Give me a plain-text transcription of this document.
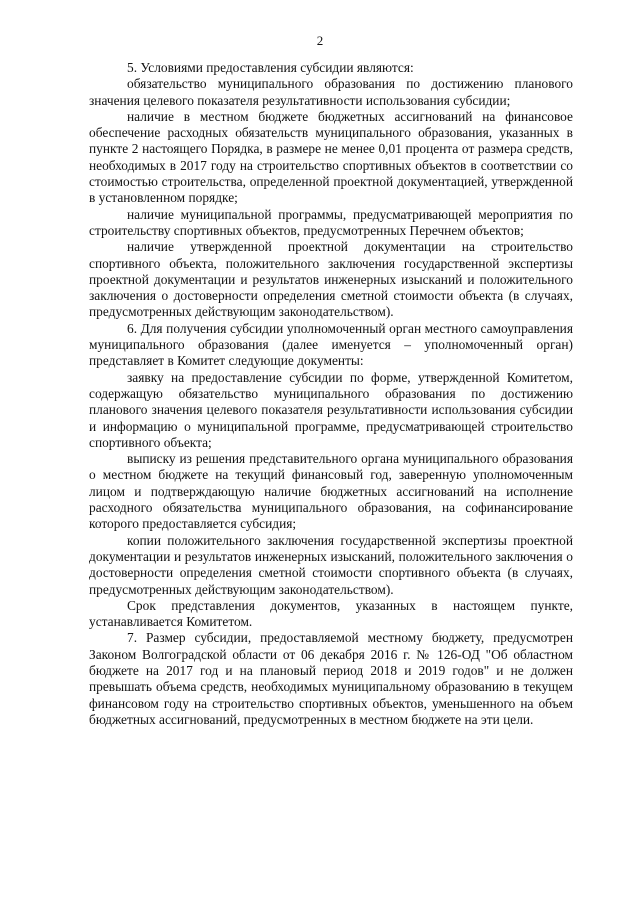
2

5. Условиями предоставления субсидии являются:

обязательство муниципального образования по достижению планового значения целевого показателя результативности использования субсидии;

наличие в местном бюджете бюджетных ассигнований на финансовое обеспечение расходных обязательств муниципального образования, указанных в пункте 2 настоящего Порядка, в размере не менее 0,01 процента от размера средств, необходимых в 2017 году на строительство спортивных объектов в соответствии со стоимостью строительства, определенной проектной документацией, утвержденной в установленном порядке;

наличие муниципальной программы, предусматривающей мероприятия по строительству спортивных объектов, предусмотренных Перечнем объектов;

наличие утвержденной проектной документации на строительство спортивного объекта, положительного заключения государственной экспертизы проектной документации и результатов инженерных изысканий и положительного заключения о достоверности определения сметной стоимости объекта (в случаях, предусмотренных действующим законодательством).

6. Для получения субсидии уполномоченный орган местного самоуправления муниципального образования (далее именуется – уполномоченный орган) представляет в Комитет следующие документы:

заявку на предоставление субсидии по форме, утвержденной Комитетом, содержащую обязательство муниципального образования по достижению планового значения целевого показателя результативности использования субсидии и информацию о муниципальной программе, предусматривающей строительство спортивного объекта;

выписку из решения представительного органа муниципального образования о местном бюджете на текущий финансовый год, заверенную уполномоченным лицом и подтверждающую наличие бюджетных ассигнований на исполнение расходного обязательства муниципального образования, на софинансирование которого предоставляется субсидия;

копии положительного заключения государственной экспертизы проектной документации и результатов инженерных изысканий, положительного заключения о достоверности определения сметной стоимости спортивного объекта (в случаях, предусмотренных действующим законодательством).

Срок представления документов, указанных в настоящем пункте, устанавливается Комитетом.

7. Размер субсидии, предоставляемой местному бюджету, предусмотрен Законом Волгоградской области от 06 декабря 2016 г. № 126-ОД "Об областном бюджете на 2017 год и на плановый период 2018 и 2019 годов" и не должен превышать объема средств, необходимых муниципальному образованию в текущем финансовом году на строительство спортивных объектов, уменьшенного на объем бюджетных ассигнований, предусмотренных в местном бюджете на эти цели.
